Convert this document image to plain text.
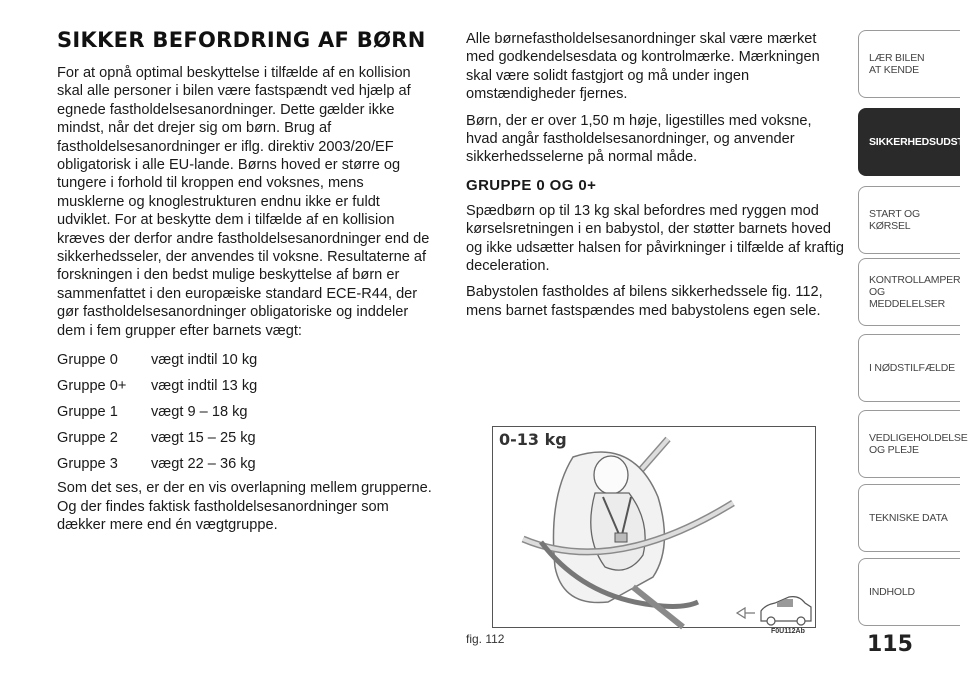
SIKKER BEFORDRING AF BØRN

For at opnå optimal beskyttelse i tilfælde af en kollision skal alle personer i bilen være fastspændt ved hjælp af egnede fastholdelsesanordninger. Dette gælder ikke mindst, når det drejer sig om børn. Brug af fastholdelsesanordninger er iflg. direktiv 2003/20/EF obligatorisk i alle EU-lande. Børns hoved er større og tungere i forhold til kroppen end voksnes, mens musklerne og knoglestrukturen endnu ikke er fuldt udviklet. For at beskytte dem i tilfælde af en kollision kræves der derfor andre fastholdelsesanordninger end de sikkerhedsseler, der anvendes til voksne. Resultaterne af forskningen i den bedst mulige beskyttelse af børn er sammenfattet i den europæiske standard ECE-R44, der gør fastholdelsesanordninger obligatoriske og inddeler dem i fem grupper efter barnets vægt:

Gruppe 0	vægt indtil 10 kg
Gruppe 0+	vægt indtil 13 kg
Gruppe 1	vægt 9 – 18 kg
Gruppe 2	vægt 15 – 25 kg
Gruppe 3	vægt 22 – 36 kg

Som det ses, er der en vis overlapning mellem grupperne. Og der findes faktisk fastholdelsesanordninger som dækker mere end én vægtgruppe.

Alle børnefastholdelsesanordninger skal være mærket med godkendelsesdata og kontrolmærke. Mærkningen skal være solidt fastgjort og må under ingen omstændigheder fjernes.

Børn, der er over 1,50 m høje, ligestilles med voksne, hvad angår fastholdelsesanordninger, og anvender sikkerhedsselerne på normal måde.

GRUPPE 0 OG 0+

Spædbørn op til 13 kg skal befordres med ryggen mod kørselsretningen i en babystol, der støtter barnets hoved og ikke udsætter halsen for påvirkninger i tilfælde af kraftig deceleration.

Babystolen fastholdes af bilens sikkerhedssele fig. 112, mens barnet fastspændes med babystolens egen sele.

0-13 kg
F0U112Ab
fig. 112	115
LÆR BILEN
AT KENDE
SIKKERHEDSUDSTYR
START OG KØRSEL
KONTROLLAMPER
OG MEDDELELSER
I NØDSTILFÆLDE
VEDLIGEHOLDELSE
OG PLEJE
TEKNISKE DATA
INDHOLD
